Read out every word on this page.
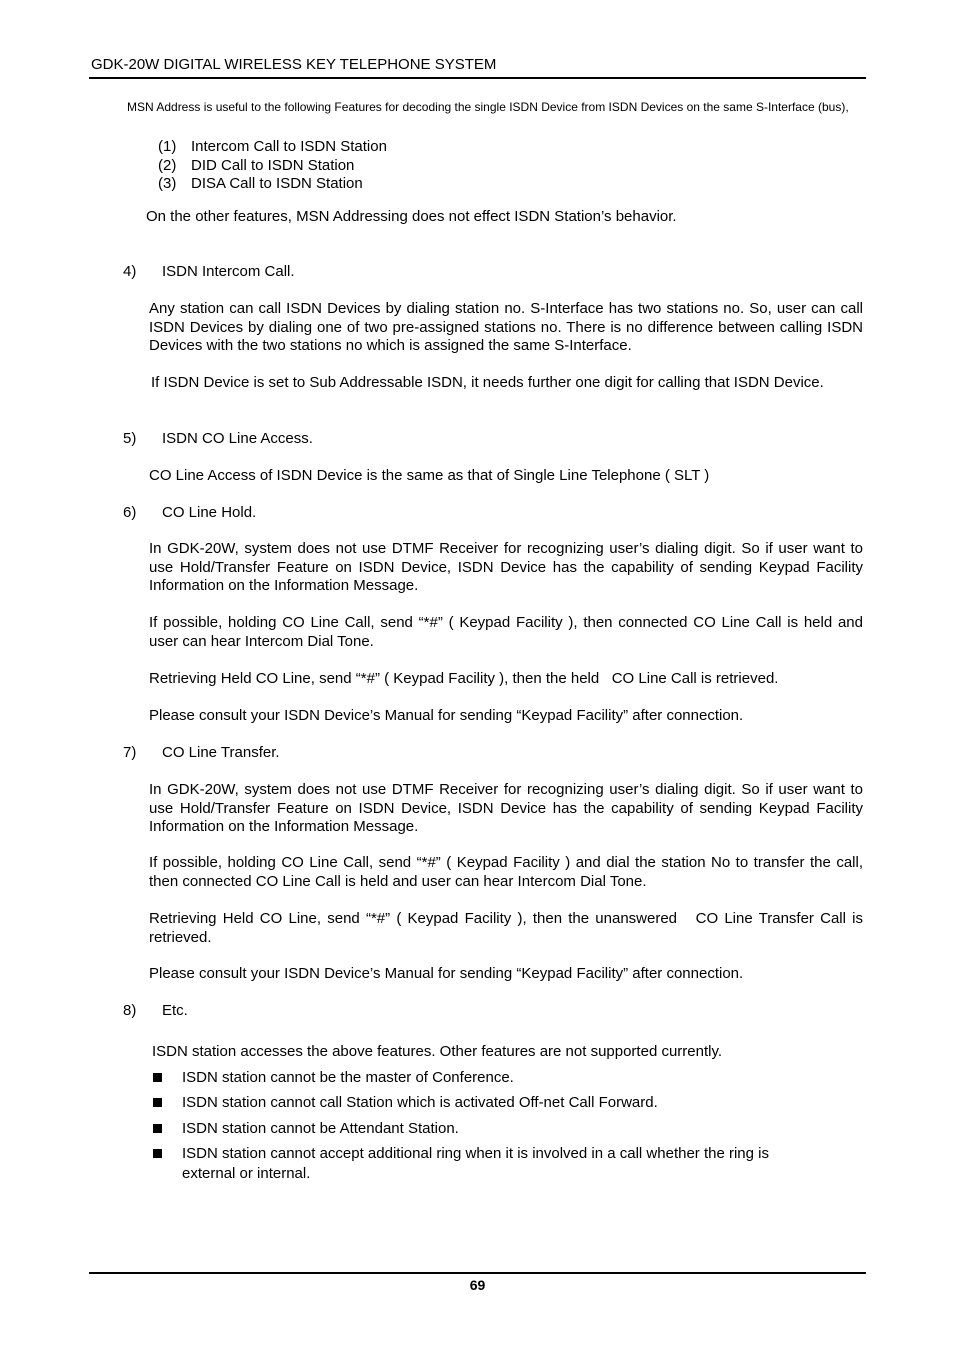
GDK-20W DIGITAL WIRELESS KEY TELEPHONE SYSTEM
MSN Address is useful to the following Features for decoding the single ISDN Device from ISDN Devices on the same S-Interface (bus),
(1) Intercom Call to ISDN Station
(2) DID Call to ISDN Station
(3) DISA Call to ISDN Station
On the other features, MSN Addressing does not effect ISDN Station’s behavior.
4)	ISDN Intercom Call.
Any station can call ISDN Devices by dialing station no. S-Interface has two stations no. So, user can call ISDN Devices by dialing one of two pre-assigned stations no. There is no difference between calling ISDN Devices with the two stations no which is assigned the same S-Interface.
If ISDN Device is set to Sub Addressable ISDN, it needs further one digit for calling that ISDN Device.
5)	ISDN CO Line Access.
CO Line Access of ISDN Device is the same as that of Single Line Telephone ( SLT )
6)	CO Line Hold.
In GDK-20W, system does not use DTMF Receiver for recognizing user’s dialing digit. So if user want to use Hold/Transfer Feature on ISDN Device, ISDN Device has the capability of sending Keypad Facility Information on the Information Message.
If possible, holding CO Line Call, send “*#” ( Keypad Facility ), then connected CO Line Call is held and user can hear Intercom Dial Tone.
Retrieving Held CO Line, send “*#” ( Keypad Facility ), then the held   CO Line Call is retrieved.
Please consult your ISDN Device’s Manual for sending “Keypad Facility” after connection.
7)	CO Line Transfer.
In GDK-20W, system does not use DTMF Receiver for recognizing user’s dialing digit. So if user want to use Hold/Transfer Feature on ISDN Device, ISDN Device has the capability of sending Keypad Facility Information on the Information Message.
If possible, holding CO Line Call, send “*#” ( Keypad Facility ) and dial the station No to transfer the call, then connected CO Line Call is held and user can hear Intercom Dial Tone.
Retrieving Held CO Line, send “*#” ( Keypad Facility ), then the unanswered   CO Line Transfer Call is retrieved.
Please consult your ISDN Device’s Manual for sending “Keypad Facility” after connection.
8)	Etc.
ISDN station accesses the above features. Other features are not supported currently.
ISDN station cannot be the master of Conference.
ISDN station cannot call Station which is activated Off-net Call Forward.
ISDN station cannot be Attendant Station.
ISDN station cannot accept additional ring when it is involved in a call whether the ring is external or internal.
69
